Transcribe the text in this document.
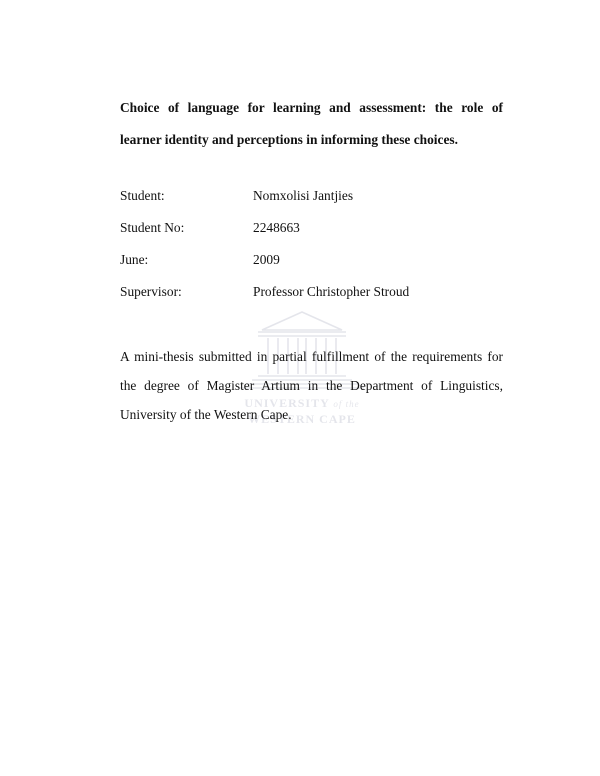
Choice of language for learning and assessment: the role of
learner identity and perceptions in informing these choices.
Student:	Nomxolisi Jantjies
Student No:	2248663
June:	2009
Supervisor:	Professor Christopher Stroud
UNIVERSITY of the
WESTERN CAPE

A mini-thesis submitted in partial fulfillment of the requirements for
the degree of Magister Artium in the Department of Linguistics,
University of the Western Cape.
